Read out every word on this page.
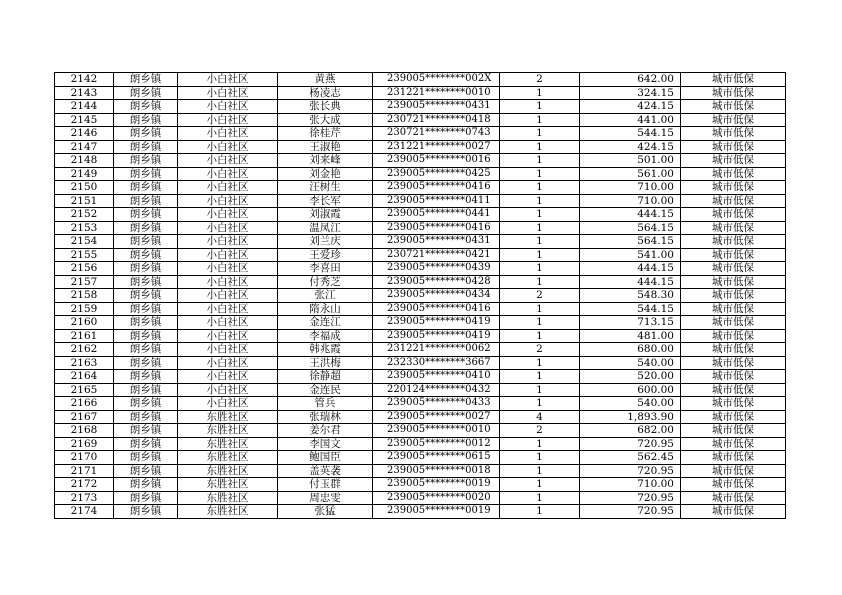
2142	朗乡镇	小白社区	黄燕	239005********002X	2	642.00	城市低保
2143	朗乡镇	小白社区	杨凌志	231221********0010	1	324.15	城市低保
2144	朗乡镇	小白社区	张长典	239005********0431	1	424.15	城市低保
2145	朗乡镇	小白社区	张大成	230721********0418	1	441.00	城市低保
2146	朗乡镇	小白社区	徐桂芹	230721********0743	1	544.15	城市低保
2147	朗乡镇	小白社区	王淑艳	231221********0027	1	424.15	城市低保
2148	朗乡镇	小白社区	刘来峰	239005********0016	1	501.00	城市低保
2149	朗乡镇	小白社区	刘金艳	239005********0425	1	561.00	城市低保
2150	朗乡镇	小白社区	汪树生	239005********0416	1	710.00	城市低保
2151	朗乡镇	小白社区	李长军	239005********0411	1	710.00	城市低保
2152	朗乡镇	小白社区	刘淑霞	239005********0441	1	444.15	城市低保
2153	朗乡镇	小白社区	温凤江	239005********0416	1	564.15	城市低保
2154	朗乡镇	小白社区	刘兰庆	239005********0431	1	564.15	城市低保
2155	朗乡镇	小白社区	王爱珍	230721********0421	1	541.00	城市低保
2156	朗乡镇	小白社区	李喜田	239005********0439	1	444.15	城市低保
2157	朗乡镇	小白社区	付秀芝	239005********0428	1	444.15	城市低保
2158	朗乡镇	小白社区	张江	239005********0434	2	548.30	城市低保
2159	朗乡镇	小白社区	隋永山	239005********0416	1	544.15	城市低保
2160	朗乡镇	小白社区	金连江	239005********0419	1	713.15	城市低保
2161	朗乡镇	小白社区	李福成	239005********0419	1	481.00	城市低保
2162	朗乡镇	小白社区	韩兆霞	231221********0062	2	680.00	城市低保
2163	朗乡镇	小白社区	王洪梅	232330********3667	1	540.00	城市低保
2164	朗乡镇	小白社区	徐静超	239005********0410	1	520.00	城市低保
2165	朗乡镇	小白社区	金连民	220124********0432	1	600.00	城市低保
2166	朗乡镇	小白社区	管兵	239005********0433	1	540.00	城市低保
2167	朗乡镇	东胜社区	张瑞林	239005********0027	4	1,893.90	城市低保
2168	朗乡镇	东胜社区	姜尔君	239005********0010	2	682.00	城市低保
2169	朗乡镇	东胜社区	李国文	239005********0012	1	720.95	城市低保
2170	朗乡镇	东胜社区	鲍国臣	239005********0615	1	562.45	城市低保
2171	朗乡镇	东胜社区	盖英袭	239005********0018	1	720.95	城市低保
2172	朗乡镇	东胜社区	付玉群	239005********0019	1	710.00	城市低保
2173	朗乡镇	东胜社区	周忠雯	239005********0020	1	720.95	城市低保
2174	朗乡镇	东胜社区	张猛	239005********0019	1	720.95	城市低保
